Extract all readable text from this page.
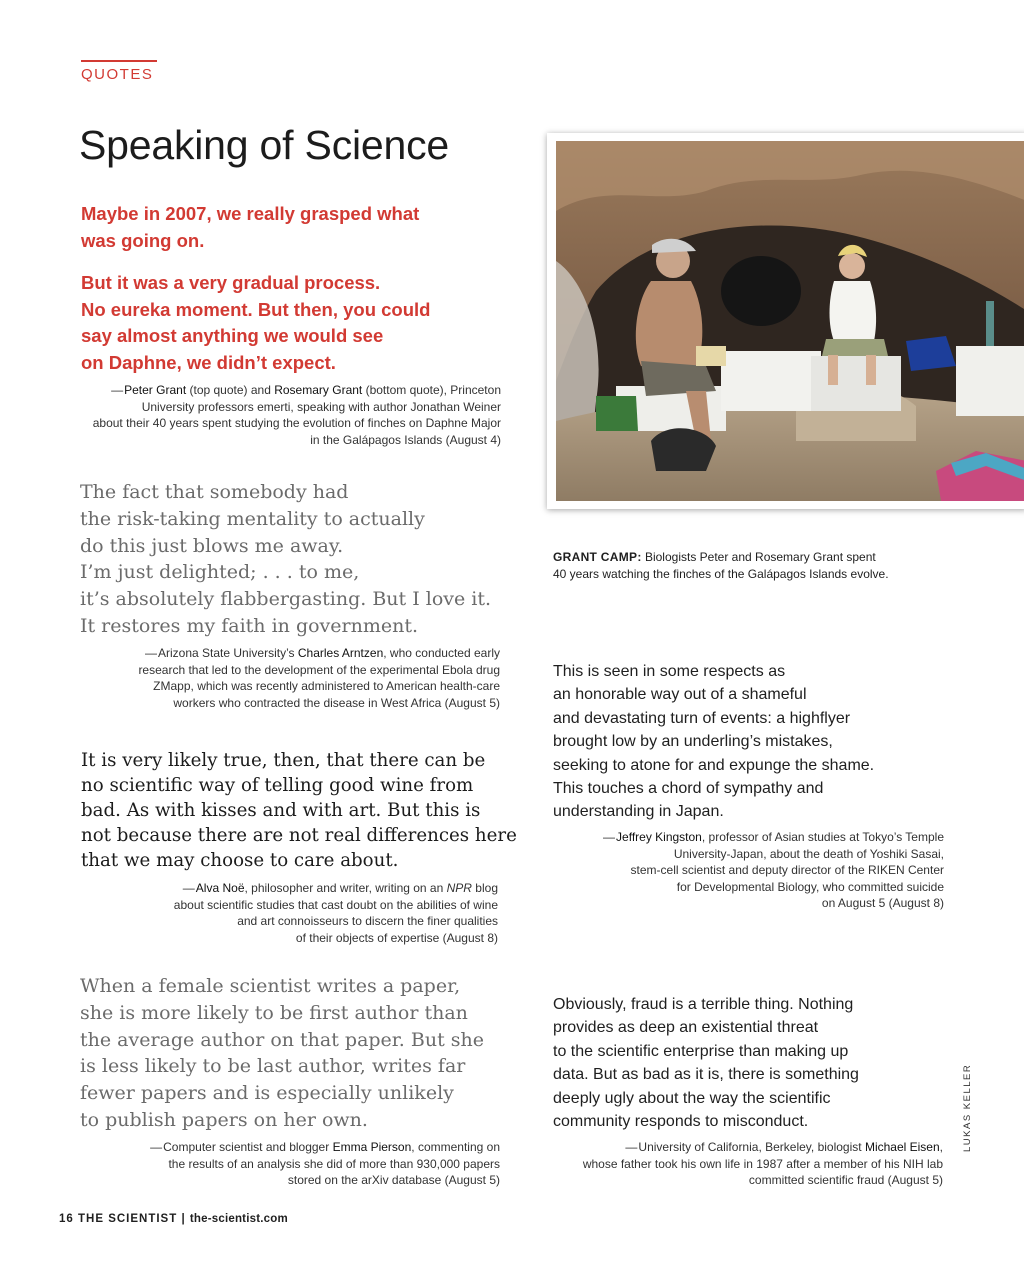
QUOTES
Speaking of Science

Maybe in 2007, we really grasped what

was going on.

But it was a very gradual process.

No eureka moment. But then, you could

say almost anything we would see

on Daphne, we didn’t expect.

—Peter Grant (top quote) and Rosemary Grant (bottom quote), Princeton
University professors emerti, speaking with author Jonathan Weiner
about their 40 years spent studying the evolution of finches on Daphne Major
in the Galápagos Islands (August 4)

The fact that somebody had

the risk-taking mentality to actually

do this just blows me away.

I’m just delighted; . . . to me,

it’s absolutely flabbergasting. But I love it.

It restores my faith in government.

—Arizona State University’s Charles Arntzen, who conducted early
research that led to the development of the experimental Ebola drug
ZMapp, which was recently administered to American health-care
workers who contracted the disease in West Africa (August 5)

It is very likely true, then, that there can be

no scientific way of telling good wine from

bad. As with kisses and with art. But this is

not because there are not real differences here

that we may choose to care about.

—Alva Noë, philosopher and writer, writing on an NPR blog
about scientific studies that cast doubt on the abilities of wine
and art connoisseurs to discern the finer qualities
of their objects of expertise (August 8)

When a female scientist writes a paper,

she is more likely to be first author than

the average author on that paper. But she

is less likely to be last author, writes far

fewer papers and is especially unlikely

to publish papers on her own.

—Computer scientist and blogger Emma Pierson, commenting on
the results of an analysis she did of more than 930,000 papers
stored on the arXiv database (August 5)

GRANT CAMP: Biologists Peter and Rosemary Grant spent

40 years watching the finches of the Galápagos Islands evolve.

This is seen in some respects as

an honorable way out of a shameful

and devastating turn of events: a highflyer

brought low by an underling’s mistakes,

seeking to atone for and expunge the shame.

This touches a chord of sympathy and

understanding in Japan.

—Jeffrey Kingston, professor of Asian studies at Tokyo’s Temple
University-Japan, about the death of Yoshiki Sasai,
stem-cell scientist and deputy director of the RIKEN Center
for Developmental Biology, who committed suicide
on August 5 (August 8)

Obviously, fraud is a terrible thing. Nothing

provides as deep an existential threat

to the scientific enterprise than making up

data. But as bad as it is, there is something

deeply ugly about the way the scientific

community responds to misconduct.

—University of California, Berkeley, biologist Michael Eisen,
whose father took his own life in 1987 after a member of his NIH lab
committed scientific fraud (August 5)
LUKAS KELLER
16 THE SCIENTIST | the-scientist.com
